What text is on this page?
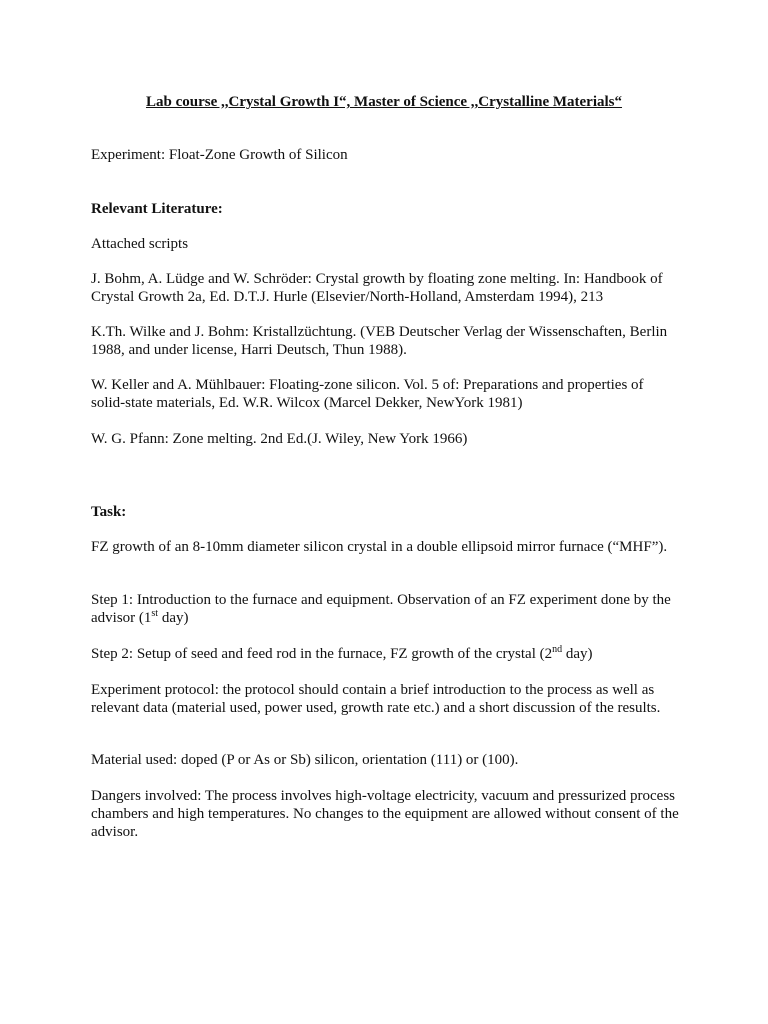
Lab course ,,Crystal Growth I“, Master of Science ,,Crystalline Materials“

Experiment: Float-Zone Growth of Silicon

Relevant Literature:

Attached scripts

J. Bohm, A. Lüdge and W. Schröder: Crystal growth by floating zone melting. In: Handbook of Crystal Growth 2a, Ed. D.T.J. Hurle (Elsevier/North-Holland, Amsterdam 1994), 213

K.Th. Wilke and J. Bohm: Kristallzüchtung. (VEB Deutscher Verlag der Wissenschaften, Berlin 1988, and under license, Harri Deutsch, Thun 1988).

W. Keller and A. Mühlbauer: Floating-zone silicon. Vol. 5 of: Preparations and properties of solid-state materials, Ed. W.R. Wilcox (Marcel Dekker, NewYork 1981)

W. G. Pfann: Zone melting. 2nd Ed.(J. Wiley, New York 1966)

Task:

FZ growth of an 8-10mm diameter silicon crystal in a double ellipsoid mirror furnace (“MHF”).

Step 1: Introduction to the furnace and equipment. Observation of an FZ experiment done by the advisor (1st day)

Step 2: Setup of seed and feed rod in the furnace, FZ growth of the crystal (2nd day)

Experiment protocol: the protocol should contain a brief introduction to the process as well as relevant data (material used, power used, growth rate etc.) and a short discussion of the results.

Material used: doped (P or As or Sb) silicon, orientation (111) or (100).

Dangers involved: The process involves high-voltage electricity, vacuum and pressurized process chambers and high temperatures. No changes to the equipment are allowed without consent of the advisor.
